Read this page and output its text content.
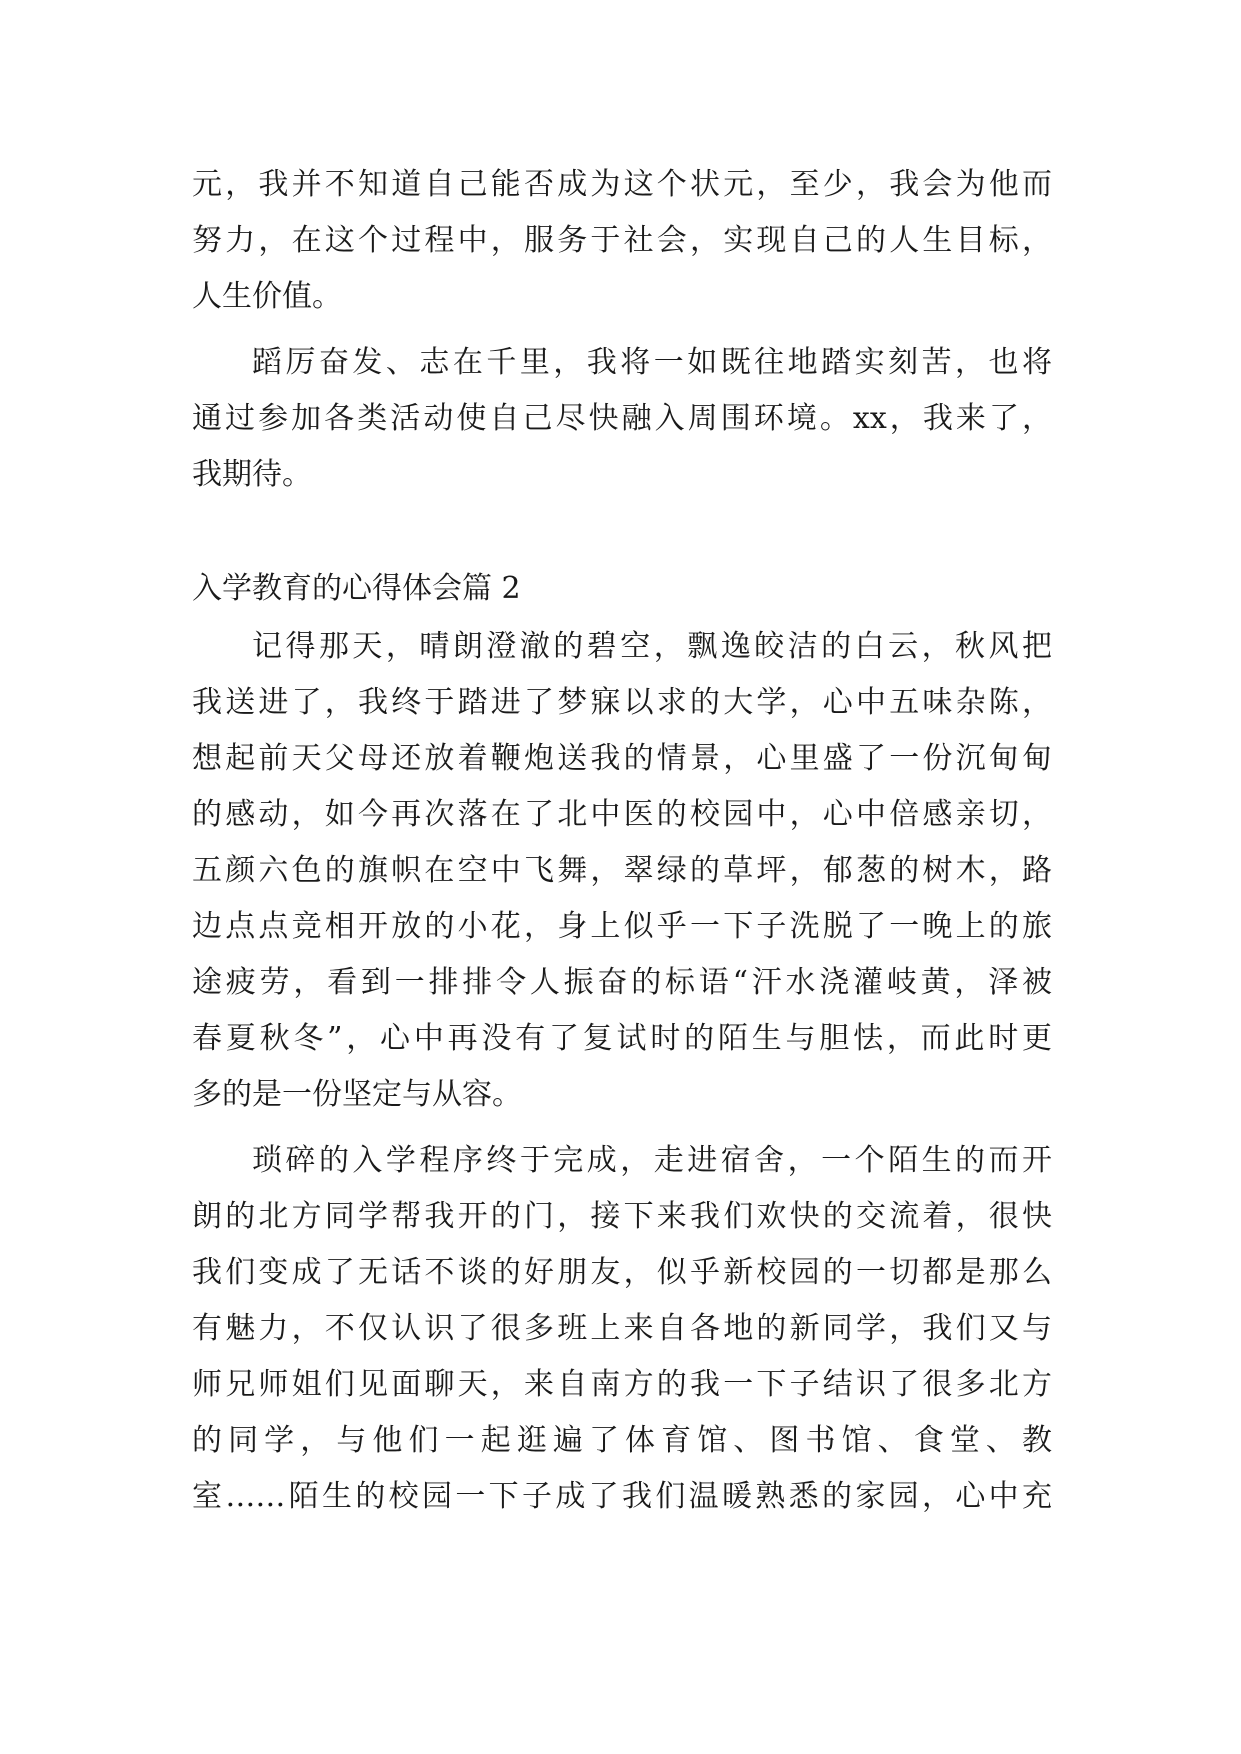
元，我并不知道自己能否成为这个状元，至少，我会为他而
努力，在这个过程中，服务于社会，实现自己的人生目标，
人生价值。
蹈厉奋发、志在千里，我将一如既往地踏实刻苦，也将
通过参加各类活动使自己尽快融入周围环境。xx，我来了，
我期待。
入学教育的心得体会篇 2
记得那天，晴朗澄澈的碧空，飘逸皎洁的白云，秋风把
我送进了，我终于踏进了梦寐以求的大学，心中五味杂陈，
想起前天父母还放着鞭炮送我的情景，心里盛了一份沉甸甸
的感动，如今再次落在了北中医的校园中，心中倍感亲切，
五颜六色的旗帜在空中飞舞，翠绿的草坪，郁葱的树木，路
边点点竞相开放的小花，身上似乎一下子洗脱了一晚上的旅
途疲劳，看到一排排令人振奋的标语“汗水浇灌岐黄，泽被
春夏秋冬”，心中再没有了复试时的陌生与胆怯，而此时更
多的是一份坚定与从容。
琐碎的入学程序终于完成，走进宿舍，一个陌生的而开
朗的北方同学帮我开的门，接下来我们欢快的交流着，很快
我们变成了无话不谈的好朋友，似乎新校园的一切都是那么
有魅力，不仅认识了很多班上来自各地的新同学，我们又与
师兄师姐们见面聊天，来自南方的我一下子结识了很多北方
的同学，与他们一起逛遍了体育馆、图书馆、食堂、教
室……陌生的校园一下子成了我们温暖熟悉的家园，心中充
